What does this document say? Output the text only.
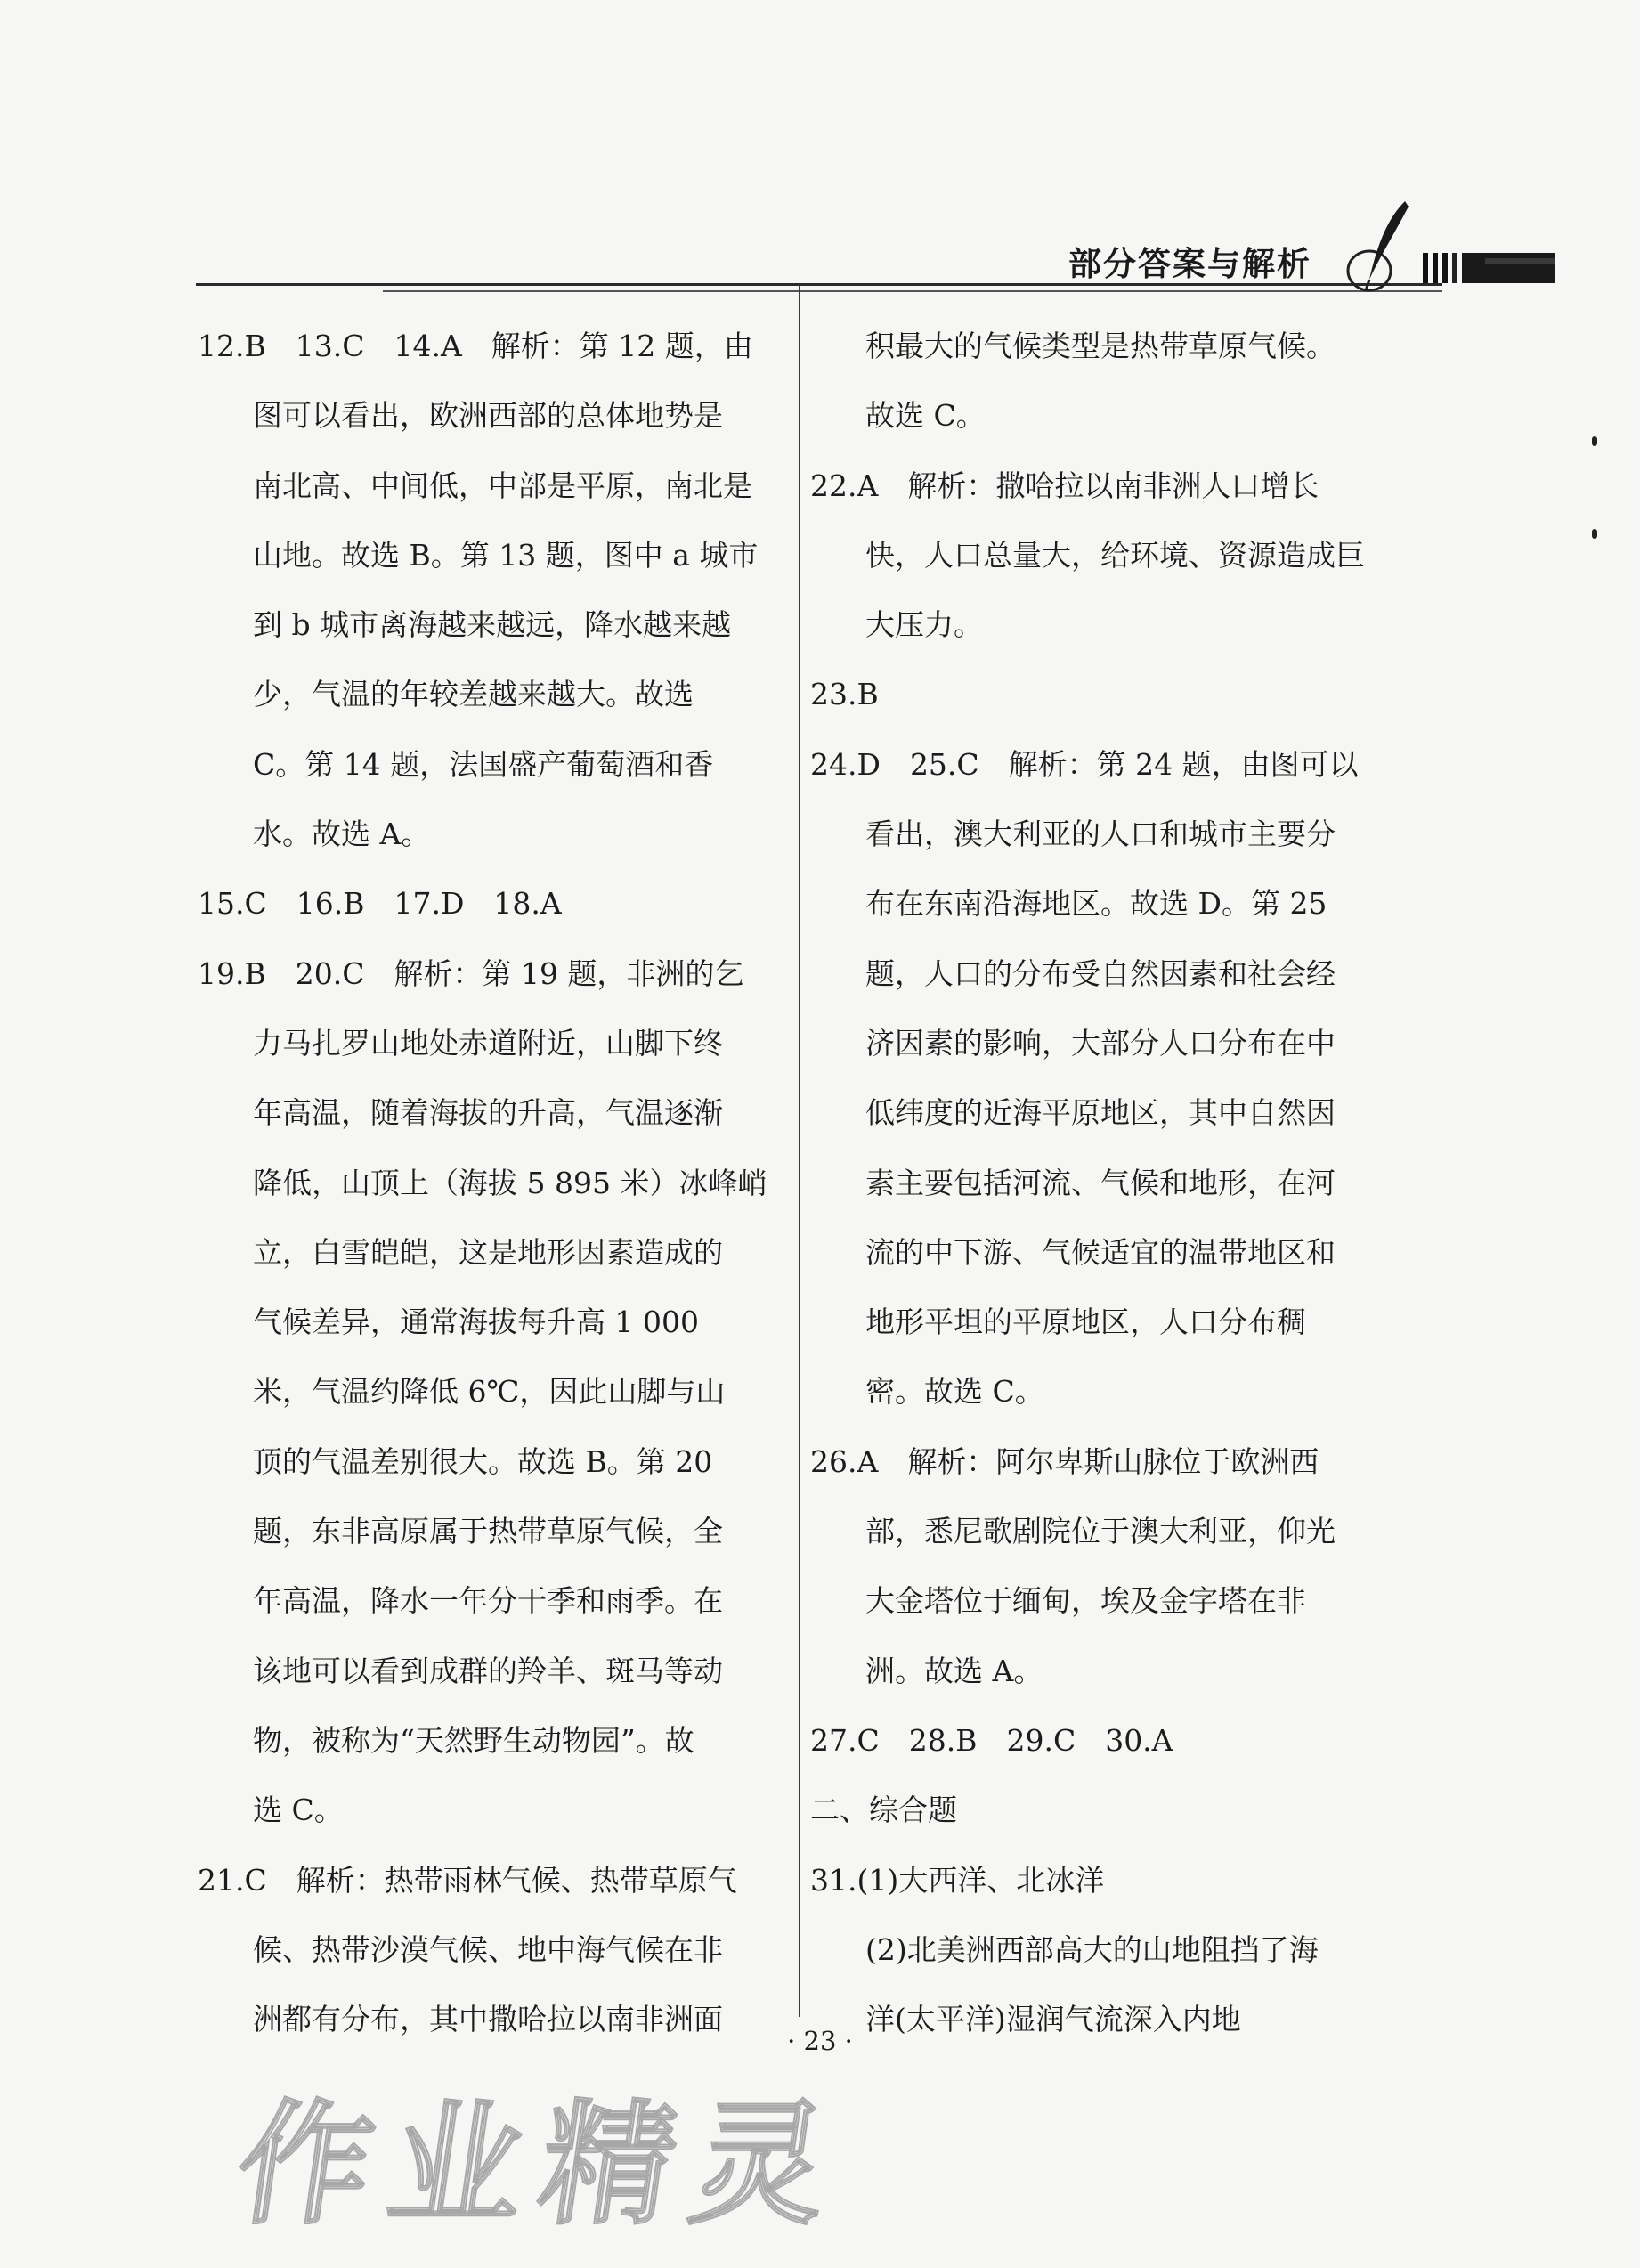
部分答案与解析
12.B　13.C　14.A　解析：第 12 题，由
图可以看出，欧洲西部的总体地势是
南北高、中间低，中部是平原，南北是
山地。故选 B。第 13 题，图中 a 城市
到 b 城市离海越来越远，降水越来越
少，气温的年较差越来越大。故选
C。第 14 题，法国盛产葡萄酒和香
水。故选 A。
15.C　16.B　17.D　18.A
19.B　20.C　解析：第 19 题，非洲的乞
力马扎罗山地处赤道附近，山脚下终
年高温，随着海拔的升高，气温逐渐
降低，山顶上（海拔 5 895 米）冰峰峭
立，白雪皑皑，这是地形因素造成的
气候差异，通常海拔每升高 1 000
米，气温约降低 6℃，因此山脚与山
顶的气温差别很大。故选 B。第 20
题，东非高原属于热带草原气候，全
年高温，降水一年分干季和雨季。在
该地可以看到成群的羚羊、斑马等动
物，被称为“天然野生动物园”。故
选 C。
21.C　解析：热带雨林气候、热带草原气
候、热带沙漠气候、地中海气候在非
洲都有分布，其中撒哈拉以南非洲面
积最大的气候类型是热带草原气候。
故选 C。
22.A　解析：撒哈拉以南非洲人口增长
快，人口总量大，给环境、资源造成巨
大压力。
23.B
24.D　25.C　解析：第 24 题，由图可以
看出，澳大利亚的人口和城市主要分
布在东南沿海地区。故选 D。第 25
题，人口的分布受自然因素和社会经
济因素的影响，大部分人口分布在中
低纬度的近海平原地区，其中自然因
素主要包括河流、气候和地形，在河
流的中下游、气候适宜的温带地区和
地形平坦的平原地区，人口分布稠
密。故选 C。
26.A　解析：阿尔卑斯山脉位于欧洲西
部，悉尼歌剧院位于澳大利亚，仰光
大金塔位于缅甸，埃及金字塔在非
洲。故选 A。
27.C　28.B　29.C　30.A
二、综合题
31.(1)大西洋、北冰洋
(2)北美洲西部高大的山地阻挡了海
洋(太平洋)湿润气流深入内地
· 23 ·
作业精灵
